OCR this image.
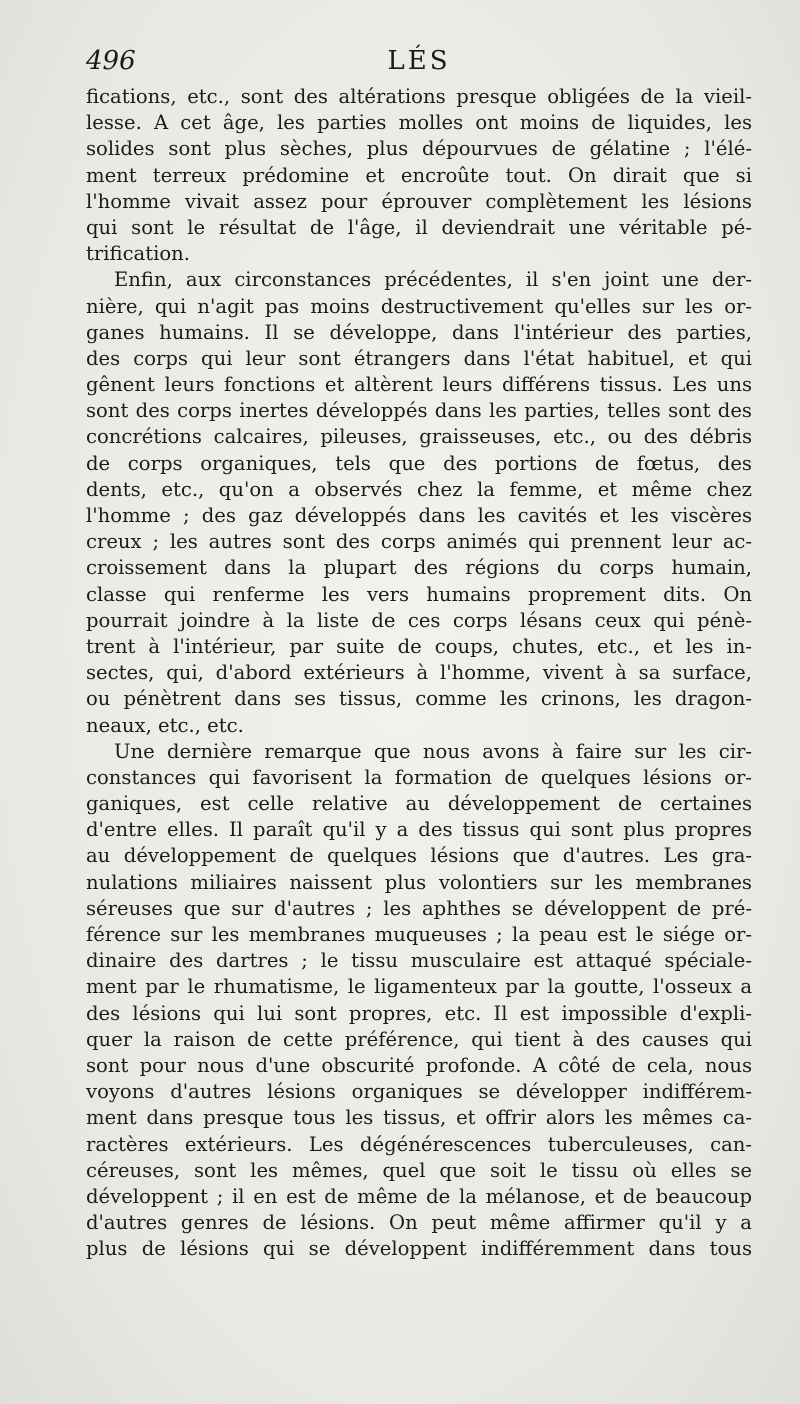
496	LÉS
fications, etc., sont des altérations presque obligées de la vieil-
lesse. A cet âge, les parties molles ont moins de liquides, les
solides sont plus sèches, plus dépourvues de gélatine ; l'élé-
ment terreux prédomine et encroûte tout. On dirait que si
l'homme vivait assez pour éprouver complètement les lésions
qui sont le résultat de l'âge, il deviendrait une véritable pé-
trification.
Enfin, aux circonstances précédentes, il s'en joint une der-
nière, qui n'agit pas moins destructivement qu'elles sur les or-
ganes humains. Il se développe, dans l'intérieur des parties,
des corps qui leur sont étrangers dans l'état habituel, et qui
gênent leurs fonctions et altèrent leurs différens tissus. Les uns
sont des corps inertes développés dans les parties, telles sont des
concrétions calcaires, pileuses, graisseuses, etc., ou des débris
de corps organiques, tels que des portions de fœtus, des
dents, etc., qu'on a observés chez la femme, et même chez
l'homme ; des gaz développés dans les cavités et les viscères
creux ; les autres sont des corps animés qui prennent leur ac-
croissement dans la plupart des régions du corps humain,
classe qui renferme les vers humains proprement dits. On
pourrait joindre à la liste de ces corps lésans ceux qui pénè-
trent à l'intérieur, par suite de coups, chutes, etc., et les in-
sectes, qui, d'abord extérieurs à l'homme, vivent à sa surface,
ou pénètrent dans ses tissus, comme les crinons, les dragon-
neaux, etc., etc.
Une dernière remarque que nous avons à faire sur les cir-
constances qui favorisent la formation de quelques lésions or-
ganiques, est celle relative au développement de certaines
d'entre elles. Il paraît qu'il y a des tissus qui sont plus propres
au développement de quelques lésions que d'autres. Les gra-
nulations miliaires naissent plus volontiers sur les membranes
séreuses que sur d'autres ; les aphthes se développent de pré-
férence sur les membranes muqueuses ; la peau est le siége or-
dinaire des dartres ; le tissu musculaire est attaqué spéciale-
ment par le rhumatisme, le ligamenteux par la goutte, l'osseux a
des lésions qui lui sont propres, etc. Il est impossible d'expli-
quer la raison de cette préférence, qui tient à des causes qui
sont pour nous d'une obscurité profonde. A côté de cela, nous
voyons d'autres lésions organiques se développer indifférem-
ment dans presque tous les tissus, et offrir alors les mêmes ca-
ractères extérieurs. Les dégénérescences tuberculeuses, can-
céreuses, sont les mêmes, quel que soit le tissu où elles se
développent ; il en est de même de la mélanose, et de beaucoup
d'autres genres de lésions. On peut même affirmer qu'il y a
plus de lésions qui se développent indifféremment dans tous
